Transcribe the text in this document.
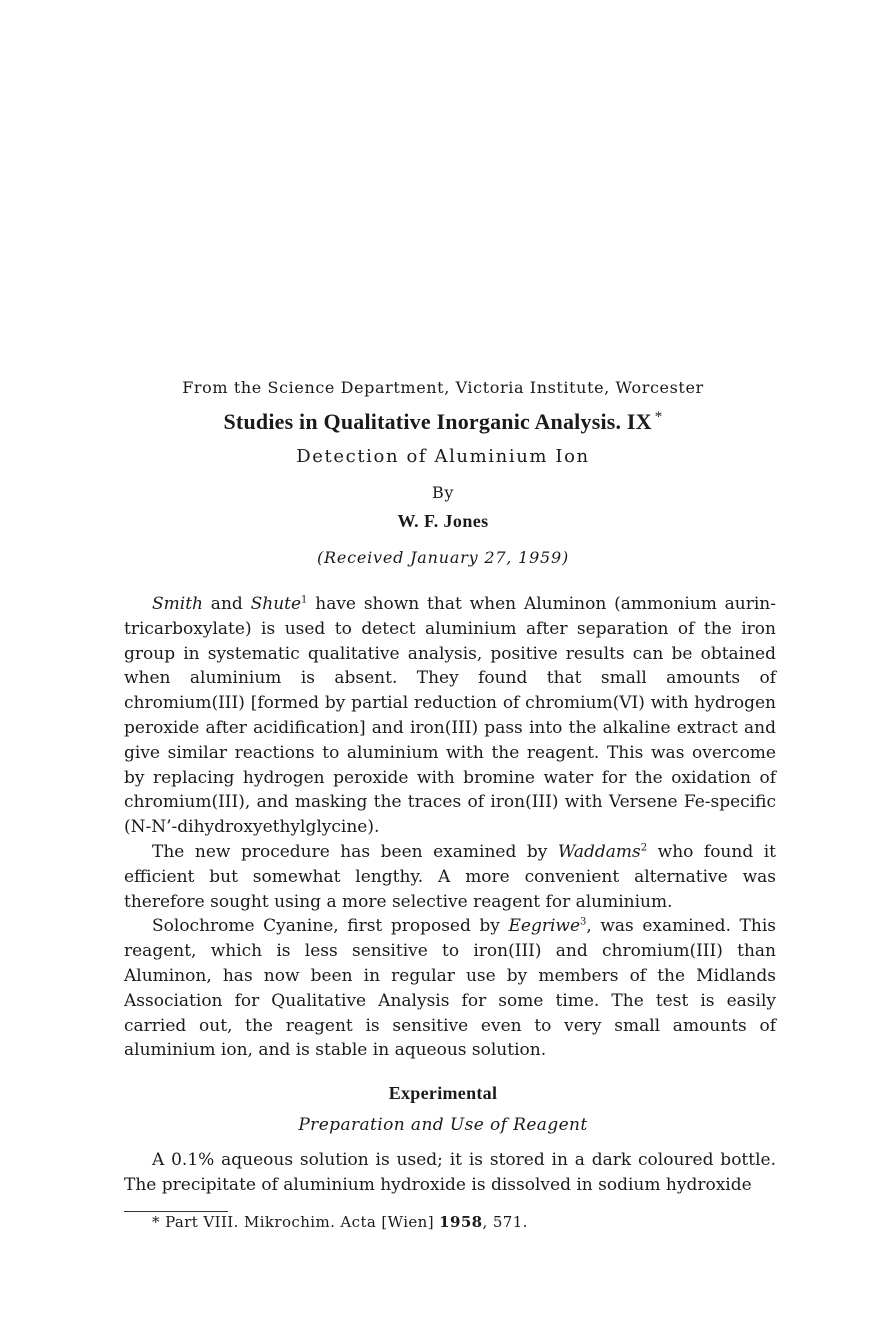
From the Science Department, Victoria Institute, Worcester
Studies in Qualitative Inorganic Analysis. IX *
Detection of Aluminium Ion
By
W. F. Jones
(Received January 27, 1959)

Smith and Shute$^1$ have shown that when Aluminon (ammonium aurin-tricarboxylate) is used to detect aluminium after separation of the iron group in systematic qualitative analysis, positive results can be obtained when aluminium is absent. They found that small amounts of chromium(III) [formed by partial reduction of chromium(VI) with hydrogen peroxide after acidification] and iron(III) pass into the alkaline extract and give similar reactions to aluminium with the reagent. This was overcome by replacing hydrogen peroxide with bromine water for the oxidation of chromium(III), and masking the traces of iron(III) with Versene Fe-specific (N-N’-dihydroxyethylglycine).

The new procedure has been examined by Waddams$^2$ who found it efficient but somewhat lengthy. A more convenient alternative was therefore sought using a more selective reagent for aluminium.

Solochrome Cyanine, first proposed by Eegriwe$^3$, was examined. This reagent, which is less sensitive to iron(III) and chromium(III) than Aluminon, has now been in regular use by members of the Midlands Association for Qualitative Analysis for some time. The test is easily carried out, the reagent is sensitive even to very small amounts of aluminium ion, and is stable in aqueous solution.

Experimental
Preparation and Use of Reagent

A 0.1% aqueous solution is used; it is stored in a dark coloured bottle. The precipitate of aluminium hydroxide is dissolved in sodium hydroxide

* Part VIII. Mikrochim. Acta [Wien] 1958, 571.
